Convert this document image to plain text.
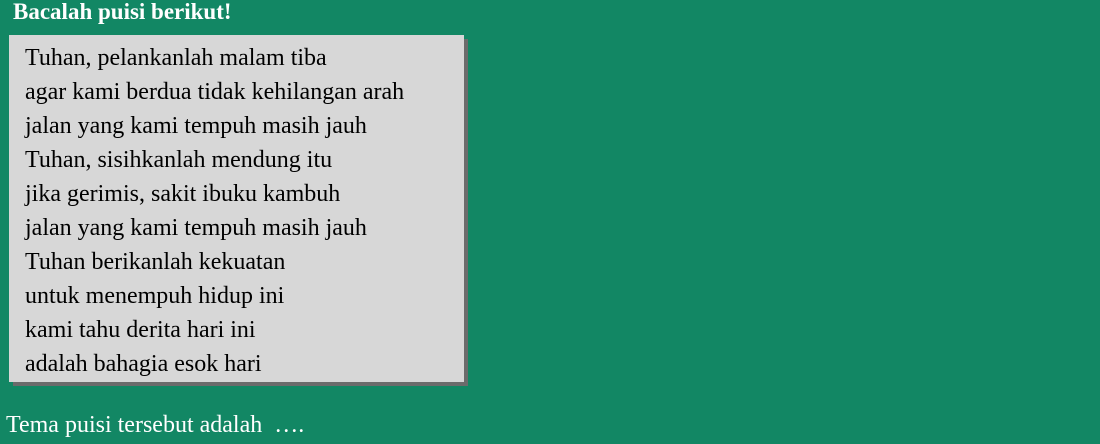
Bacalah puisi berikut!
Tuhan, pelankanlah malam tiba
agar kami berdua tidak kehilangan arah
jalan yang kami tempuh masih jauh
Tuhan, sisihkanlah mendung itu
jika gerimis, sakit ibuku kambuh
jalan yang kami tempuh masih jauh
Tuhan berikanlah kekuatan
untuk menempuh hidup ini
kami tahu derita hari ini
adalah bahagia esok hari
Tema puisi tersebut adalah  ….
